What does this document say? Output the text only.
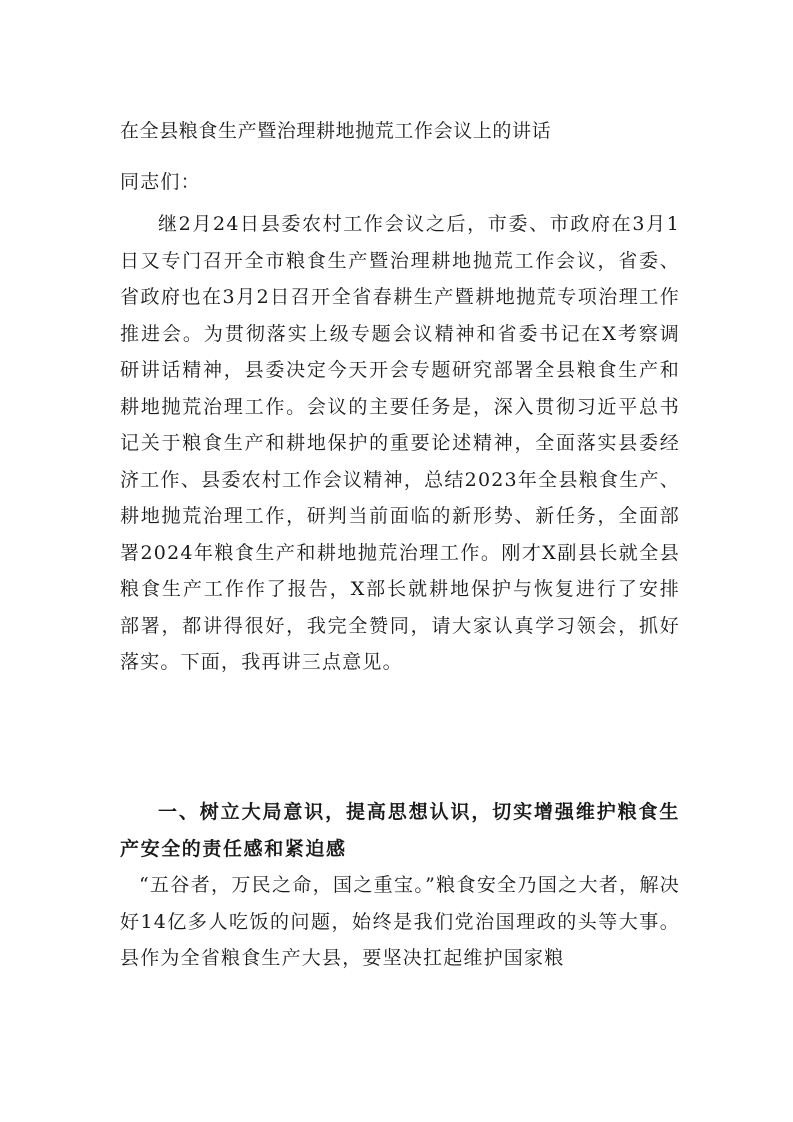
在全县粮食生产暨治理耕地抛荒工作会议上的讲话
同志们：
继2月24日县委农村工作会议之后，市委、市政府在3月1日又专门召开全市粮食生产暨治理耕地抛荒工作会议，省委、省政府也在3月2日召开全省春耕生产暨耕地抛荒专项治理工作推进会。为贯彻落实上级专题会议精神和省委书记在X考察调研讲话精神，县委决定今天开会专题研究部署全县粮食生产和耕地抛荒治理工作。会议的主要任务是，深入贯彻习近平总书记关于粮食生产和耕地保护的重要论述精神，全面落实县委经济工作、县委农村工作会议精神，总结2023年全县粮食生产、耕地抛荒治理工作，研判当前面临的新形势、新任务，全面部署2024年粮食生产和耕地抛荒治理工作。刚才X副县长就全县粮食生产工作作了报告，X部长就耕地保护与恢复进行了安排部署，都讲得很好，我完全赞同，请大家认真学习领会，抓好落实。下面，我再讲三点意见。
一、树立大局意识，提高思想认识，切实增强维护粮食生产安全的责任感和紧迫感
“五谷者，万民之命，国之重宝。”粮食安全乃国之大者，解决好14亿多人吃饭的问题，始终是我们党治国理政的头等大事。县作为全省粮食生产大县，要坚决扛起维护国家粮
